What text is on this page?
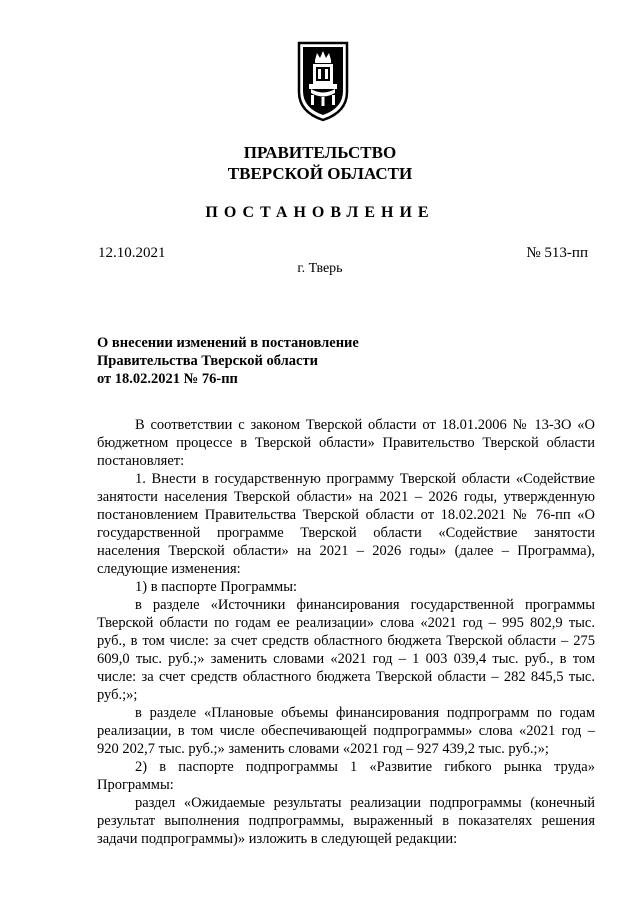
ПРАВИТЕЛЬСТВО
ТВЕРСКОЙ ОБЛАСТИ
ПОСТАНОВЛЕНИЕ
12.10.2021	№ 513-пп
г. Тверь
О внесении изменений в постановление
Правительства Тверской области
от 18.02.2021 № 76-пп

В соответствии с законом Тверской области от 18.01.2006 № 13-ЗО «О бюджетном процессе в Тверской области» Правительство Тверской области постановляет:

1. Внести в государственную программу Тверской области «Содействие занятости населения Тверской области» на 2021 – 2026 годы, утвержденную постановлением Правительства Тверской области от 18.02.2021 № 76-пп «О государственной программе Тверской области «Содействие занятости населения Тверской области» на 2021 – 2026 годы» (далее – Программа), следующие изменения:

1) в паспорте Программы:

в разделе «Источники финансирования государственной программы Тверской области по годам ее реализации» слова «2021 год – 995 802,9 тыс. руб., в том числе: за счет средств областного бюджета Тверской области – 275 609,0 тыс. руб.;» заменить словами «2021 год – 1 003 039,4 тыс. руб., в том числе: за счет средств областного бюджета Тверской области – 282 845,5 тыс. руб.;»;

в разделе «Плановые объемы финансирования подпрограмм по годам реализации, в том числе обеспечивающей подпрограммы» слова «2021 год – 920 202,7 тыс. руб.;» заменить словами «2021 год – 927 439,2 тыс. руб.;»;

2) в паспорте подпрограммы 1 «Развитие гибкого рынка труда» Программы:

раздел «Ожидаемые результаты реализации подпрограммы (конечный результат выполнения подпрограммы, выраженный в показателях решения задачи подпрограммы)» изложить в следующей редакции:
